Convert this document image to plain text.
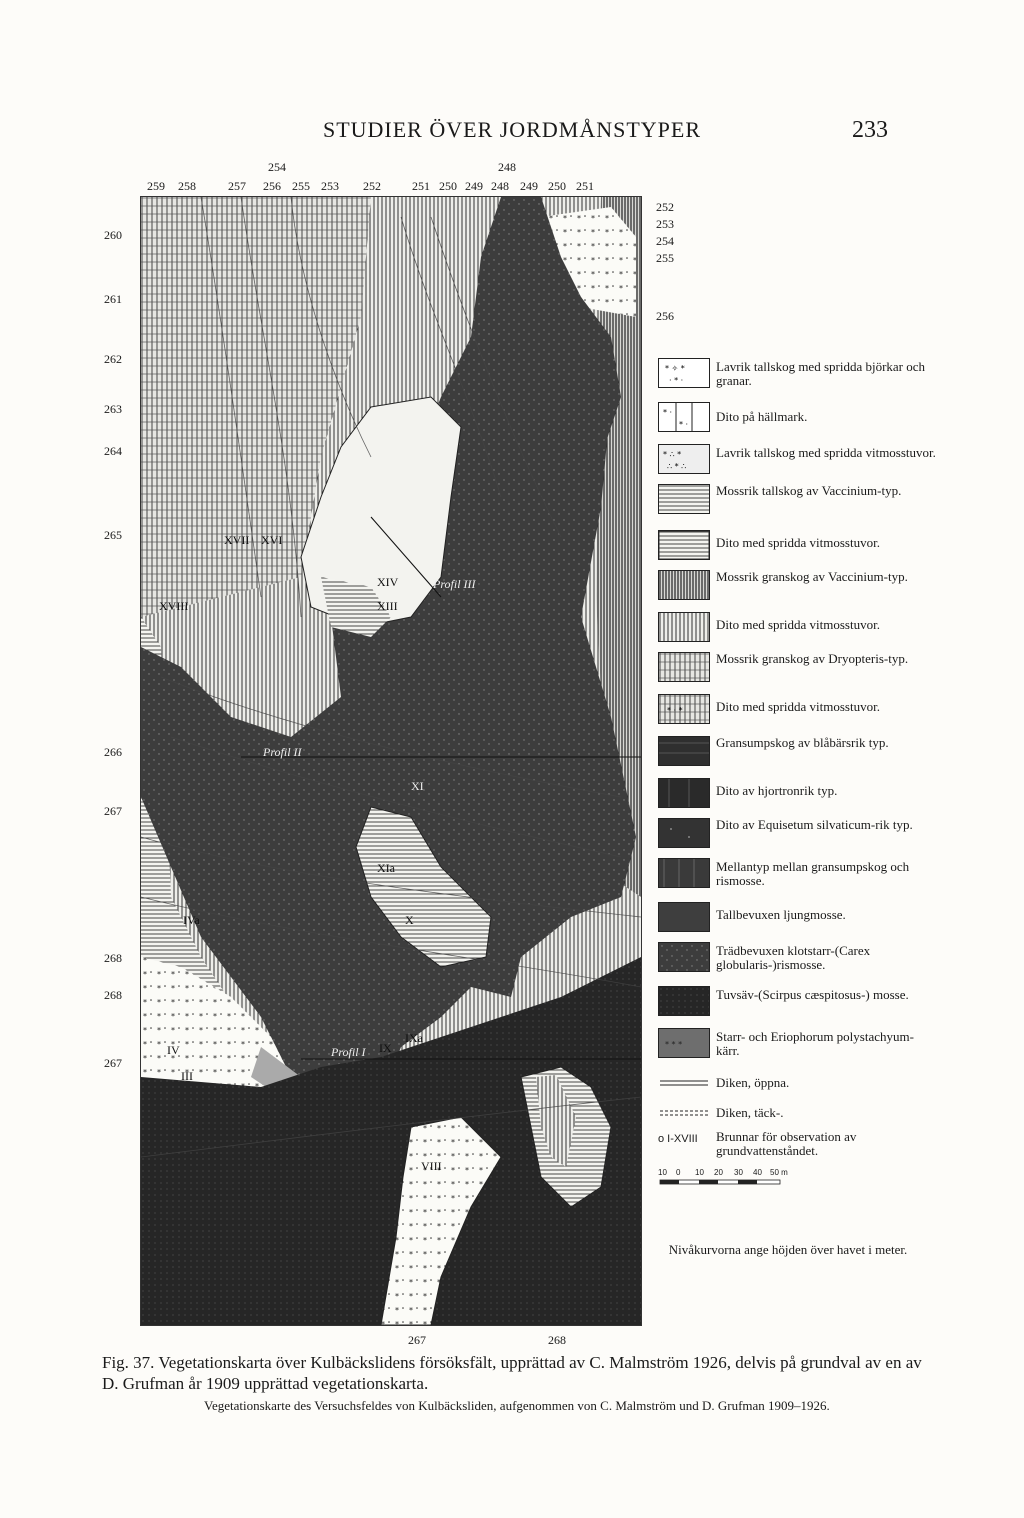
STUDIER ÖVER JORDMÅNSTYPER	233
254	248
259 258	257 256 255 253 252	251 250 249 248 249 250 251
260
261
262
263
264
265
266
267
268
268
267
252
253
254
255
256
267	268
XVII XVI
XVIII
XIV
XIII
Profil III
Profil II
XI
XIa
X
IXa
IX
IVa
IV
III
Profil I
VIII
* ✧ *
· * ·
Lavrik tallskog med spridda björkar och granar.
* ·
* ·
Dito på hällmark.
* ∴ *
∴ * ∴
Lavrik tallskog med spridda vitmosstuvor.
Mossrik tallskog av Vaccinium-typ.
Dito med spridda vitmosstuvor.
Mossrik granskog av Vaccinium-typ.
Dito med spridda vitmosstuvor.
Mossrik granskog av Dryopteris-typ.
* · *	Dito med spridda vitmosstuvor.
Gransumpskog av blåbärsrik typ.
Dito av hjortronrik typ.
Dito av Equisetum silvaticum-rik typ.
Mellantyp mellan gransumpskog och rismosse.
Tallbevuxen ljungmosse.
Trädbevuxen klotstarr-(Carex globularis-)rismosse.
Tuvsäv-(Scirpus cæspitosus-) mosse.
* * *
Starr- och Eriophorum polystachyum-kärr.
Diken, öppna.
Diken, täck-.
o I-XVIII Brunnar för observation av grundvattenståndet.
10 0 10 20 30 40 50 m
Nivåkurvorna ange höjden över havet i meter.
Fig. 37. Vegetationskarta över Kulbäckslidens försöksfält, upprättad av C. Malmström 1926, delvis på grundval av en av D. Grufman år 1909 upprättad vegetationskarta.
Vegetationskarte des Versuchsfeldes von Kulbäcksliden, aufgenommen von C. Malmström und D. Grufman 1909–1926.
